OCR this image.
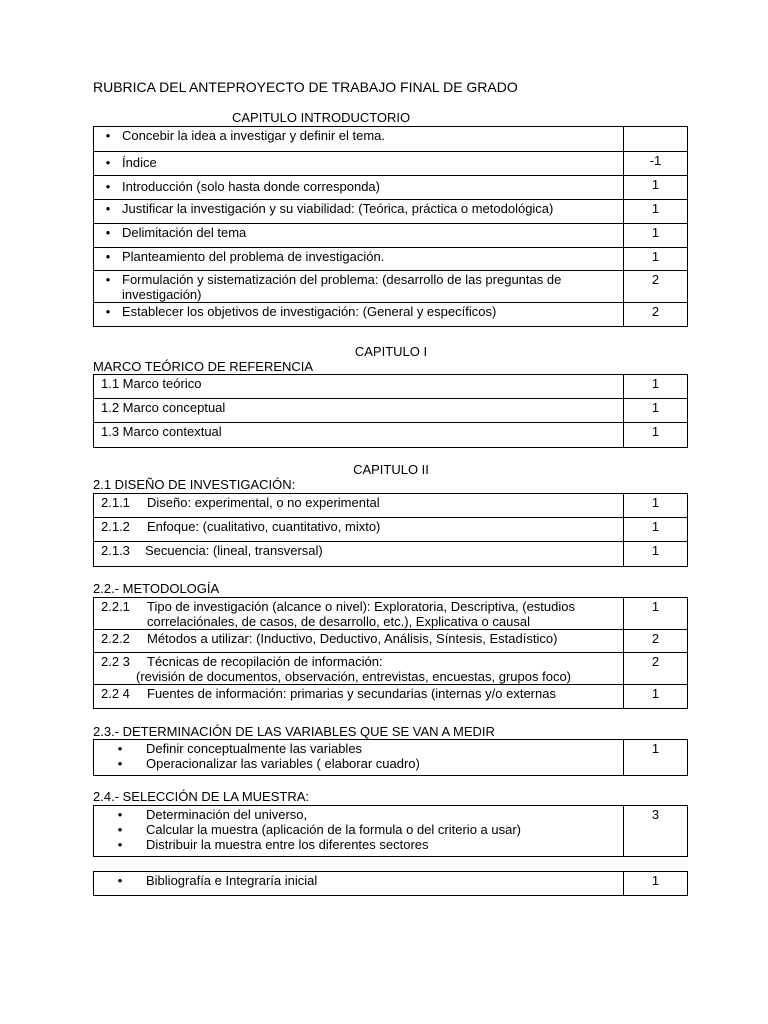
RUBRICA DEL ANTEPROYECTO DE TRABAJO FINAL DE GRADO
CAPITULO INTRODUCTORIO
• Concebir la idea a investigar y definir el tema.	

• Índice	-1

• Introducción (solo hasta donde corresponda)	1

• Justificar la investigación y su viabilidad: (Teórica, práctica o metodológica)	1

• Delimitación del tema	1

• Planteamiento del problema de investigación.	1

• Formulación y sistematización del problema: (desarrollo de las preguntas de investigación)	2

• Establecer los objetivos de investigación: (General y específicos)	2
CAPITULO I
MARCO TEÓRICO DE REFERENCIA
1.1 Marco teórico	1

1.2 Marco conceptual	1

1.3 Marco contextual	1
CAPITULO II
2.1 DISEÑO DE INVESTIGACIÓN:
2.1.1 Diseño: experimental, o no experimental	1

2.1.2 Enfoque: (cualitativo, cuantitativo, mixto)	1

2.1.3 Secuencia: (lineal, transversal)	1
2.2.- METODOLOGÍA
2.2.1 Tipo de investigación (alcance o nivel): Exploratoria, Descriptiva, (estudios
correlaciónales, de casos, de desarrollo, etc.), Explicativa o causal	1

2.2.2 Métodos a utilizar: (Inductivo, Deductivo, Análisis, Síntesis, Estadístico)	2

2.2 3 Técnicas de recopilación de información:
(revisión de documentos, observación, entrevistas, encuestas, grupos foco)	2

2.2 4 Fuentes de información: primarias y secundarias (internas y/o externas	1
2.3.- DETERMINACIÓN DE LAS VARIABLES QUE SE VAN A MEDIR
•	Definir conceptualmente las variables
•	Operacionalizar las variables ( elaborar cuadro)
	1
2.4.- SELECCIÓN DE LA MUESTRA:
•	Determinación del universo,
•	Calcular la muestra (aplicación de la formula o del criterio a usar)
•	Distribuir la muestra entre los diferentes sectores
	3
•	Bibliografía e Integraría inicial	1
